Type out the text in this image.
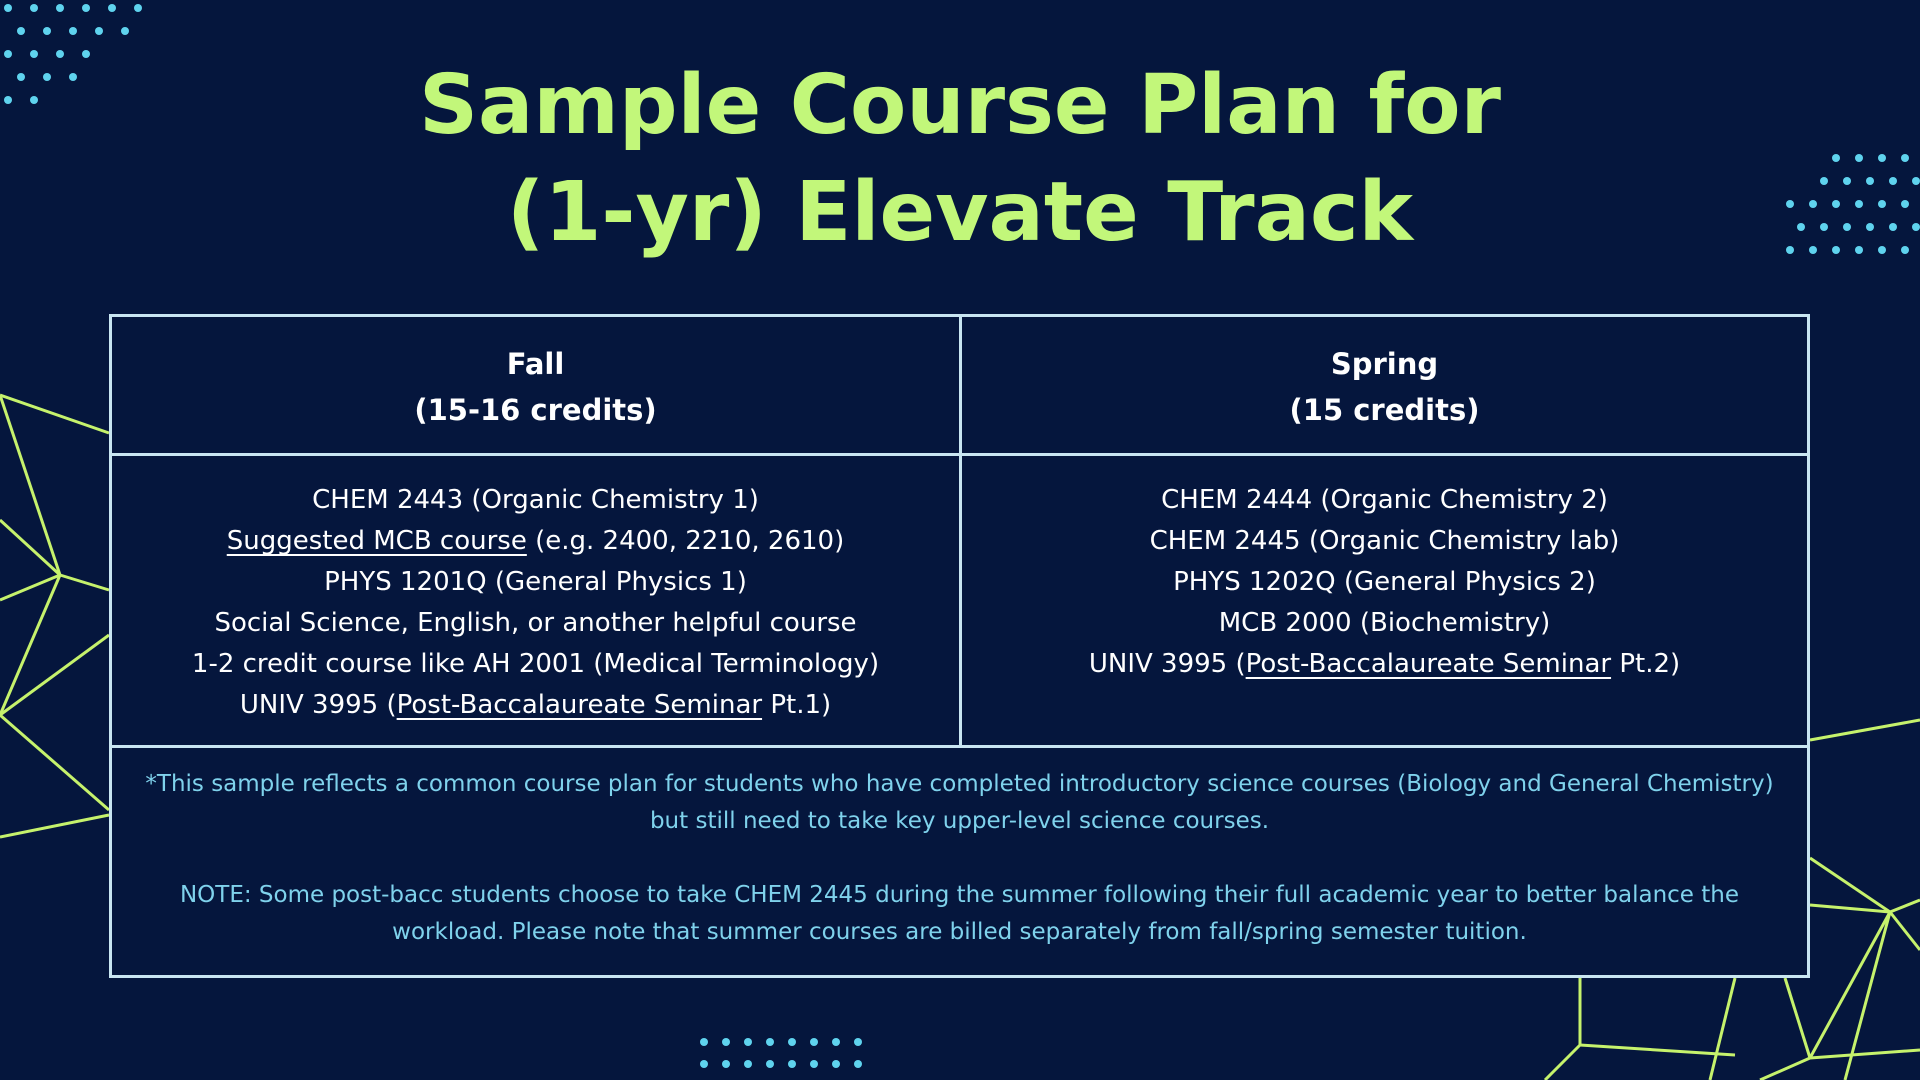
Sample Course Plan for
(1-yr) Elevate Track
Fall
(15-16 credits)
Spring
(15 credits)
CHEM 2443 (Organic Chemistry 1)
Suggested MCB course (e.g. 2400, 2210, 2610)
PHYS 1201Q (General Physics 1)
Social Science, English, or another helpful course
1-2 credit course like AH 2001 (Medical Terminology)
UNIV 3995 (Post-Baccalaureate Seminar Pt.1)
CHEM 2444 (Organic Chemistry 2)
CHEM 2445 (Organic Chemistry lab)
PHYS 1202Q (General Physics 2)
MCB 2000 (Biochemistry)
UNIV 3995 (Post-Baccalaureate Seminar Pt.2)

*This sample reflects a common course plan for students who have completed introductory science courses (Biology and General Chemistry) but still need to take key upper-level science courses.

NOTE: Some post-bacc students choose to take CHEM 2445 during the summer following their full academic year to better balance the workload. Please note that summer courses are billed separately from fall/spring semester tuition.
